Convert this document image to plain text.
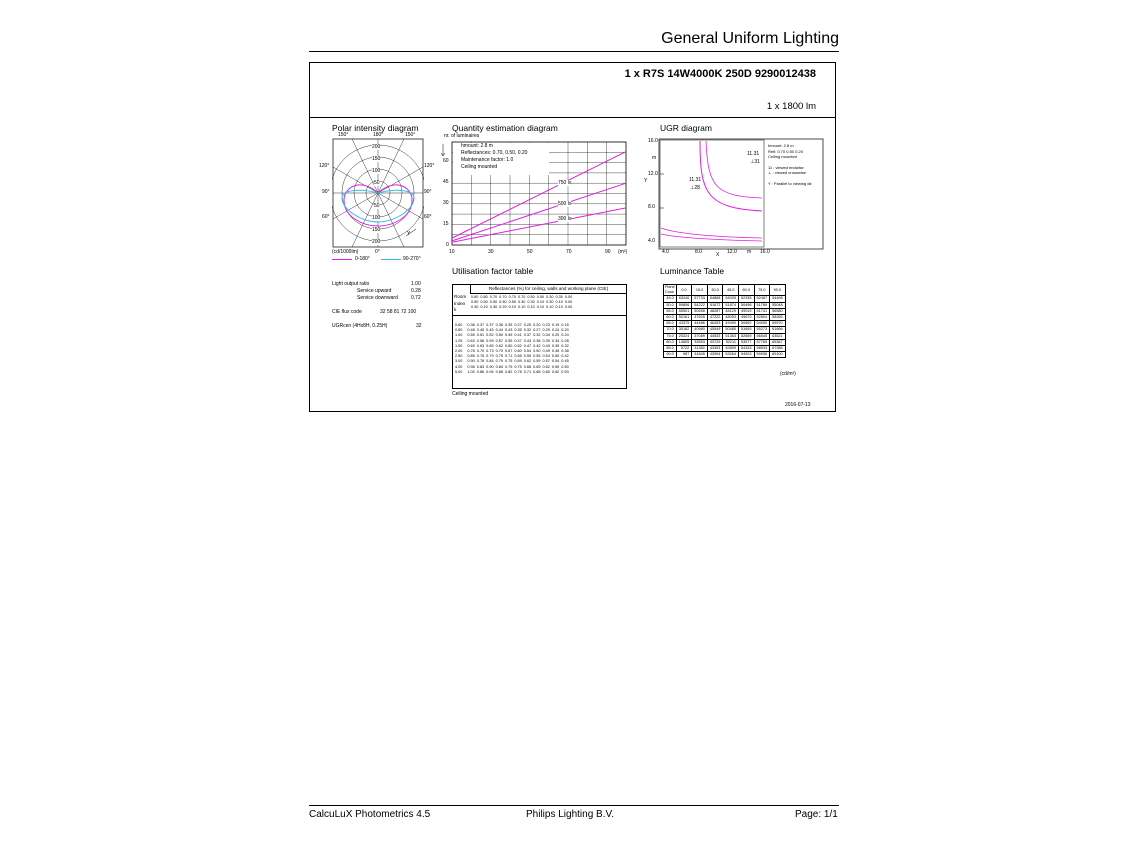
General Uniform Lighting
1 x R7S 14W4000K 250D 9290012438
1 x 1800 lm
Polar intensity diagram
150°	180°	150°
120°
90°
60°
120°
90°
60°
200
150
100
50
50
100
150
200
Y
(cd/1000lm)	0°
0-180°	90-270°
Light output ratio	1.00
Service upward	0.28
Service downward	0.72
CIE flux code	32 58 81 72 100
UGRcen (4Hx8H, 0.25H)	32
Quantity estimation diagram
nr. of luminaires
hmount: 2.8 m
Reflectances: 0.70, 0.50, 0.20
Maintenance factor: 1.0
Ceiling mounted
60
45
30
15
0
10	30	50	70	90 (m²)
750 lx
500 lx
300 lx
UGR diagram
16.0
m
12.0
Y
8.0
4.0
4.0	8.0	X 12.0 m 16.0
11.31
⊥31
11.31
⊥28
hmount: 2.8 m
Refl: 0.70 0.50 0.20
Ceiling mounted
11 : viewed endwise
⊥ : viewed crosswise
Y : Parallel to viewing dir.
Utilisation factor table
Reflectances (%) for ceiling, walls and working plane (CIE)
Room
Index
k
0.80	0.80	0.70	0.70	0.70	0.70	0.50	0.50	0.30	0.30	0.00
0.50	0.50	0.50	0.50	0.50	0.30	0.30	0.10	0.30	0.10	0.00
0.30	0.10	0.30	0.20	0.10	0.10	0.10	0.10	0.10	0.10	0.00
0.60	0.38	0.37	0.37	0.36	0.35	0.27	0.25	0.20	0.23	0.19	0.15
0.80	0.48	0.45	0.45	0.44	0.43	0.35	0.32	0.27	0.29	0.24	0.20
1.00	0.55	0.51	0.52	0.50	0.49	0.41	0.37	0.32	0.34	0.29	0.24
1.25	0.63	0.58	0.59	0.57	0.55	0.47	0.43	0.38	0.39	0.34	0.28
1.50	0.69	0.63	0.65	0.62	0.60	0.52	0.47	0.42	0.43	0.39	0.32
2.00	0.78	0.70	0.73	0.70	0.67	0.60	0.54	0.50	0.49	0.45	0.38
2.50	0.85	0.75	0.79	0.75	0.71	0.65	0.59	0.55	0.54	0.50	0.42
3.00	0.90	0.78	0.84	0.79	0.75	0.69	0.62	0.59	0.57	0.54	0.45
4.00	0.96	0.83	0.90	0.84	0.79	0.75	0.68	0.65	0.62	0.59	0.50
5.00	1.00	0.86	0.94	0.88	0.82	0.78	0.71	0.68	0.65	0.62	0.53
Ceiling mounted
Luminance Table
Plane
Cone	0.0	15.0	30.0	45.0	60.0	75.0	90.0
45.0	63240	57733	54868	54005	52335	52487	54498
50.0	59806	54222	51672	51874	50498	51789	55048
55.0	55501	50456	48287	48129	49019	51741	56580
60.0	50161	47605	47222	48053	49670	52804	58265
65.0	43375	44486	46453	49490	50692	54050	59970
70.0	35182	40980	45549	50485	51693	55273	61666
75.0	25324	37089	44533	51363	52659	56545	63521
80.0	14805	33553	43729	52211	53577	57769	65367
85.0	5722	31382	43393	52809	54333	58933	67288
90.0	987	31845	43994	53264	54923	59936	69100
(cd/m²)
2016-07-13
CalcuLuX Photometrics 4.5	Philips Lighting B.V.	Page: 1/1
